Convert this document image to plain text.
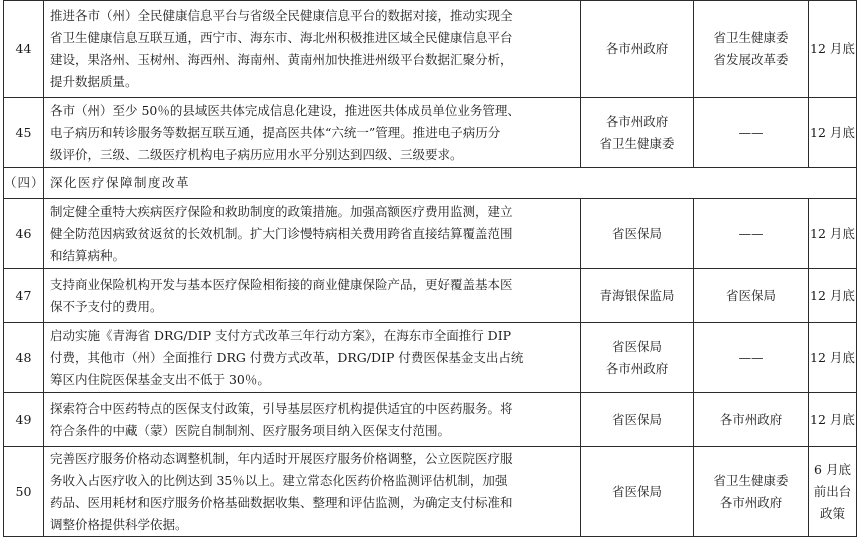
44	推进各市（州）全民健康信息平台与省级全民健康信息平台的数据对接，推动实现全
省卫生健康信息互联互通，西宁市、海东市、海北州积极推进区域全民健康信息平台
建设，果洛州、玉树州、海西州、海南州、黄南州加快推进州级平台数据汇聚分析，
提升数据质量。	各市州政府	省卫生健康委
省发展改革委	12 月底

45	各市（州）至少 50％的县域医共体完成信息化建设，推进医共体成员单位业务管理、
电子病历和转诊服务等数据互联互通，提高医共体“六统一”管理。推进电子病历分
级评价，三级、二级医疗机构电子病历应用水平分别达到四级、三级要求。	各市州政府
省卫生健康委	——	12 月底

（四）	深化医疗保障制度改革			
46	制定健全重特大疾病医疗保险和救助制度的政策措施。加强高额医疗费用监测，建立
健全防范因病致贫返贫的长效机制。扩大门诊慢特病相关费用跨省直接结算覆盖范围
和结算病种。	省医保局	——	12 月底

47	支持商业保险机构开发与基本医疗保险相衔接的商业健康保险产品，更好覆盖基本医
保不予支付的费用。	青海银保监局	省医保局	12 月底

48	启动实施《青海省 DRG/DIP 支付方式改革三年行动方案》，在海东市全面推行 DIP
付费，其他市（州）全面推行 DRG 付费方式改革，DRG/DIP 付费医保基金支出占统
筹区内住院医保基金支出不低于 30％。	省医保局
各市州政府	——	12 月底

49	探索符合中医药特点的医保支付政策，引导基层医疗机构提供适宜的中医药服务。将
符合条件的中藏（蒙）医院自制制剂、医疗服务项目纳入医保支付范围。	省医保局	各市州政府	12 月底

50	完善医疗服务价格动态调整机制，年内适时开展医疗服务价格调整，公立医院医疗服
务收入占医疗收入的比例达到 35％以上。建立常态化医药价格监测评估机制，加强
药品、医用耗材和医疗服务价格基础数据收集、整理和评估监测，为确定支付标准和
调整价格提供科学依据。	省医保局	省卫生健康委
各市州政府	6 月底
前出台
政策
